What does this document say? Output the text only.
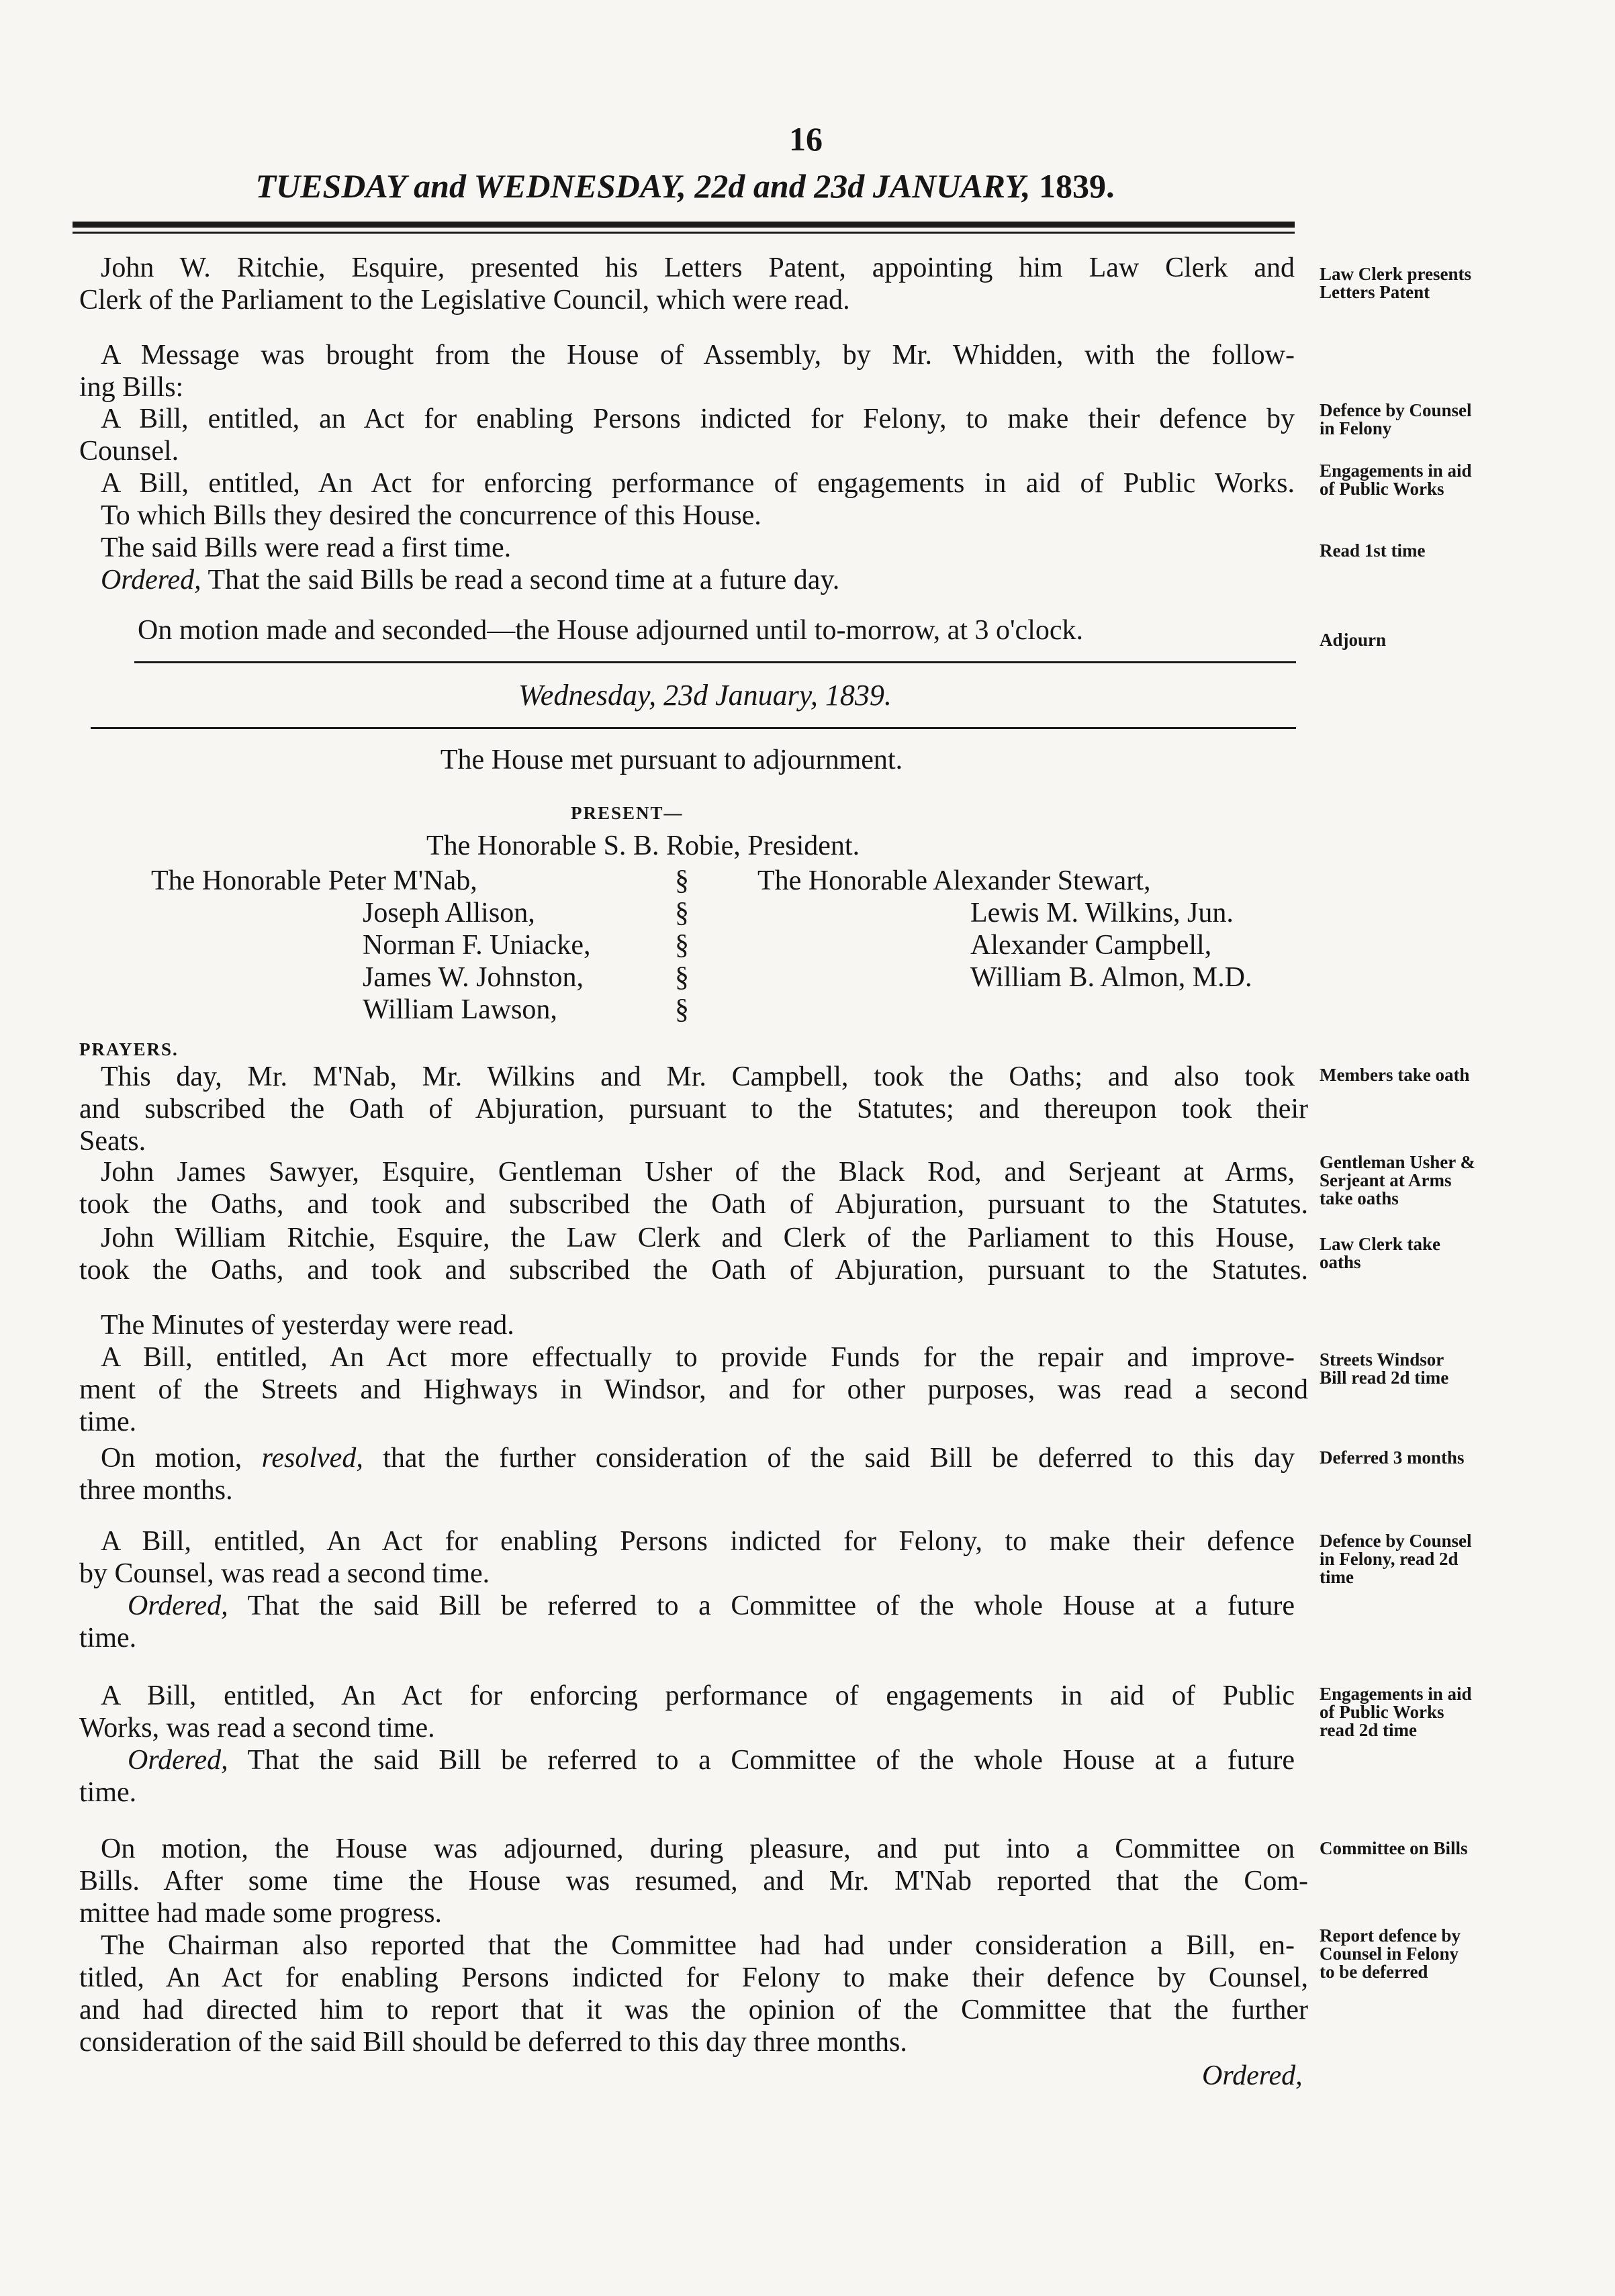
16
TUESDAY and WEDNESDAY, 22d and 23d JANUARY, 1839.
John W. Ritchie, Esquire, presented his Letters Patent, appointing him Law Clerk and
Clerk of the Parliament to the Legislative Council, which were read.
A Message was brought from the House of Assembly, by Mr. Whidden, with the follow-
ing Bills:
A Bill, entitled, an Act for enabling Persons indicted for Felony, to make their defence by
Counsel.
A Bill, entitled, An Act for enforcing performance of engagements in aid of Public Works.
To which Bills they desired the concurrence of this House.
The said Bills were read a first time.
Ordered, That the said Bills be read a second time at a future day.
On motion made and seconded—the House adjourned until to-morrow, at 3 o'clock.
Wednesday, 23d January, 1839.
The House met pursuant to adjournment.
PRESENT—
The Honorable S. B. Robie, President.
The Honorable Peter M'Nab,
Joseph Allison,
Norman F. Uniacke,
James W. Johnston,
William Lawson,
§
§
§
§
§
The Honorable Alexander Stewart,
Lewis M. Wilkins, Jun.
Alexander Campbell,
William B. Almon, M.D.
PRAYERS.
This day, Mr. M'Nab, Mr. Wilkins and Mr. Campbell, took the Oaths; and also took
and subscribed the Oath of Abjuration, pursuant to the Statutes; and thereupon took their
Seats.
John James Sawyer, Esquire, Gentleman Usher of the Black Rod, and Serjeant at Arms,
took the Oaths, and took and subscribed the Oath of Abjuration, pursuant to the Statutes.
John William Ritchie, Esquire, the Law Clerk and Clerk of the Parliament to this House,
took the Oaths, and took and subscribed the Oath of Abjuration, pursuant to the Statutes.
The Minutes of yesterday were read.
A Bill, entitled, An Act more effectually to provide Funds for the repair and improve-
ment of the Streets and Highways in Windsor, and for other purposes, was read a second
time.
On motion, resolved, that the further consideration of the said Bill be deferred to this day
three months.
A Bill, entitled, An Act for enabling Persons indicted for Felony, to make their defence
by Counsel, was read a second time.
Ordered, That the said Bill be referred to a Committee of the whole House at a future
time.
A Bill, entitled, An Act for enforcing performance of engagements in aid of Public
Works, was read a second time.
Ordered, That the said Bill be referred to a Committee of the whole House at a future
time.
On motion, the House was adjourned, during pleasure, and put into a Committee on
Bills. After some time the House was resumed, and Mr. M'Nab reported that the Com-
mittee had made some progress.
The Chairman also reported that the Committee had had under consideration a Bill, en-
titled, An Act for enabling Persons indicted for Felony to make their defence by Counsel,
and had directed him to report that it was the opinion of the Committee that the further
consideration of the said Bill should be deferred to this day three months.
Ordered,
Law Clerk presents
Letters Patent
Defence by Counsel
in Felony
Engagements in aid
of Public Works
Read 1st time
Adjourn
Members take oath
Gentleman Usher &
Serjeant at Arms
take oaths
Law Clerk take
oaths
Streets Windsor
Bill read 2d time
Deferred 3 months
Defence by Counsel
in Felony, read 2d
time
Engagements in aid
of Public Works
read 2d time
Committee on Bills
Report defence by
Counsel in Felony
to be deferred
